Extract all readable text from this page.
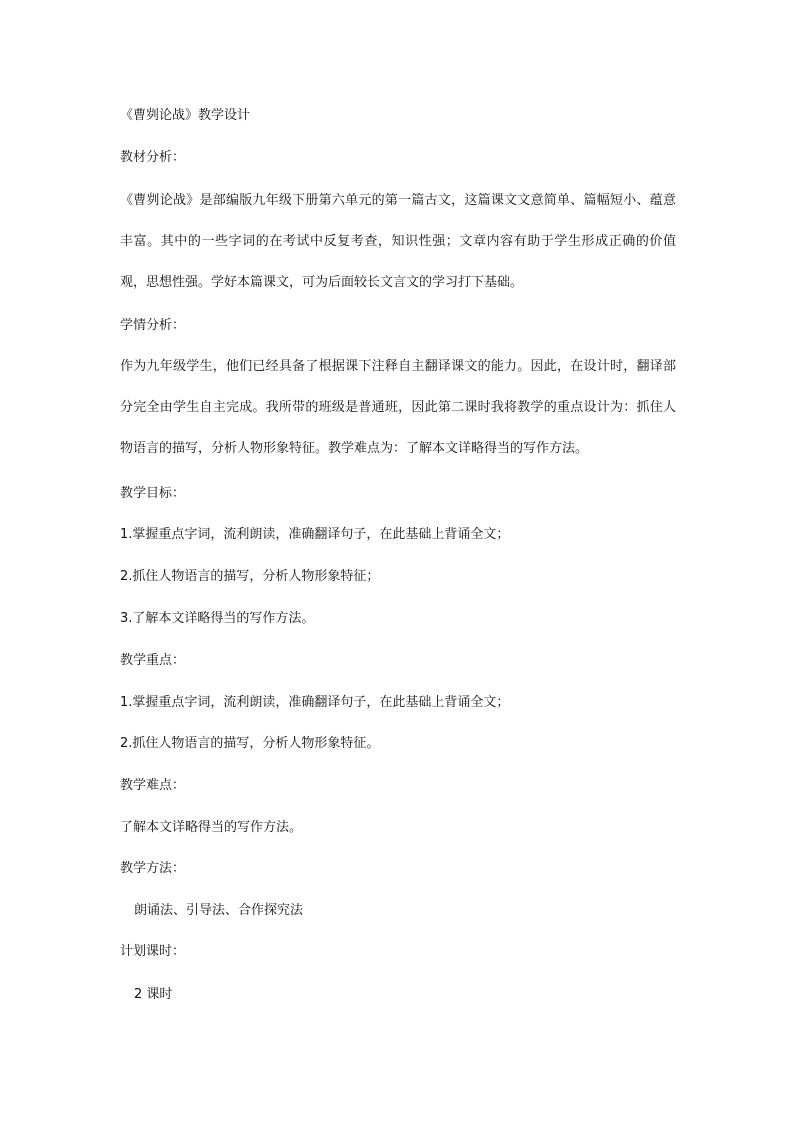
《曹刿论战》教学设计

教材分析：

《曹刿论战》是部编版九年级下册第六单元的第一篇古文，这篇课文文意简单、篇幅短小、蕴意丰富。其中的一些字词的在考试中反复考查，知识性强；文章内容有助于学生形成正确的价值观，思想性强。学好本篇课文，可为后面较长文言文的学习打下基础。

学情分析：

作为九年级学生，他们已经具备了根据课下注释自主翻译课文的能力。因此，在设计时，翻译部分完全由学生自主完成。我所带的班级是普通班，因此第二课时我将教学的重点设计为：抓住人物语言的描写，分析人物形象特征。教学难点为：了解本文详略得当的写作方法。

教学目标：

1.掌握重点字词，流利朗读，准确翻译句子，在此基础上背诵全文；

2.抓住人物语言的描写，分析人物形象特征；

3.了解本文详略得当的写作方法。

教学重点：

1.掌握重点字词，流利朗读，准确翻译句子，在此基础上背诵全文；

2.抓住人物语言的描写，分析人物形象特征。

教学难点：

了解本文详略得当的写作方法。

教学方法：

朗诵法、引导法、合作探究法

计划课时：

2 课时
